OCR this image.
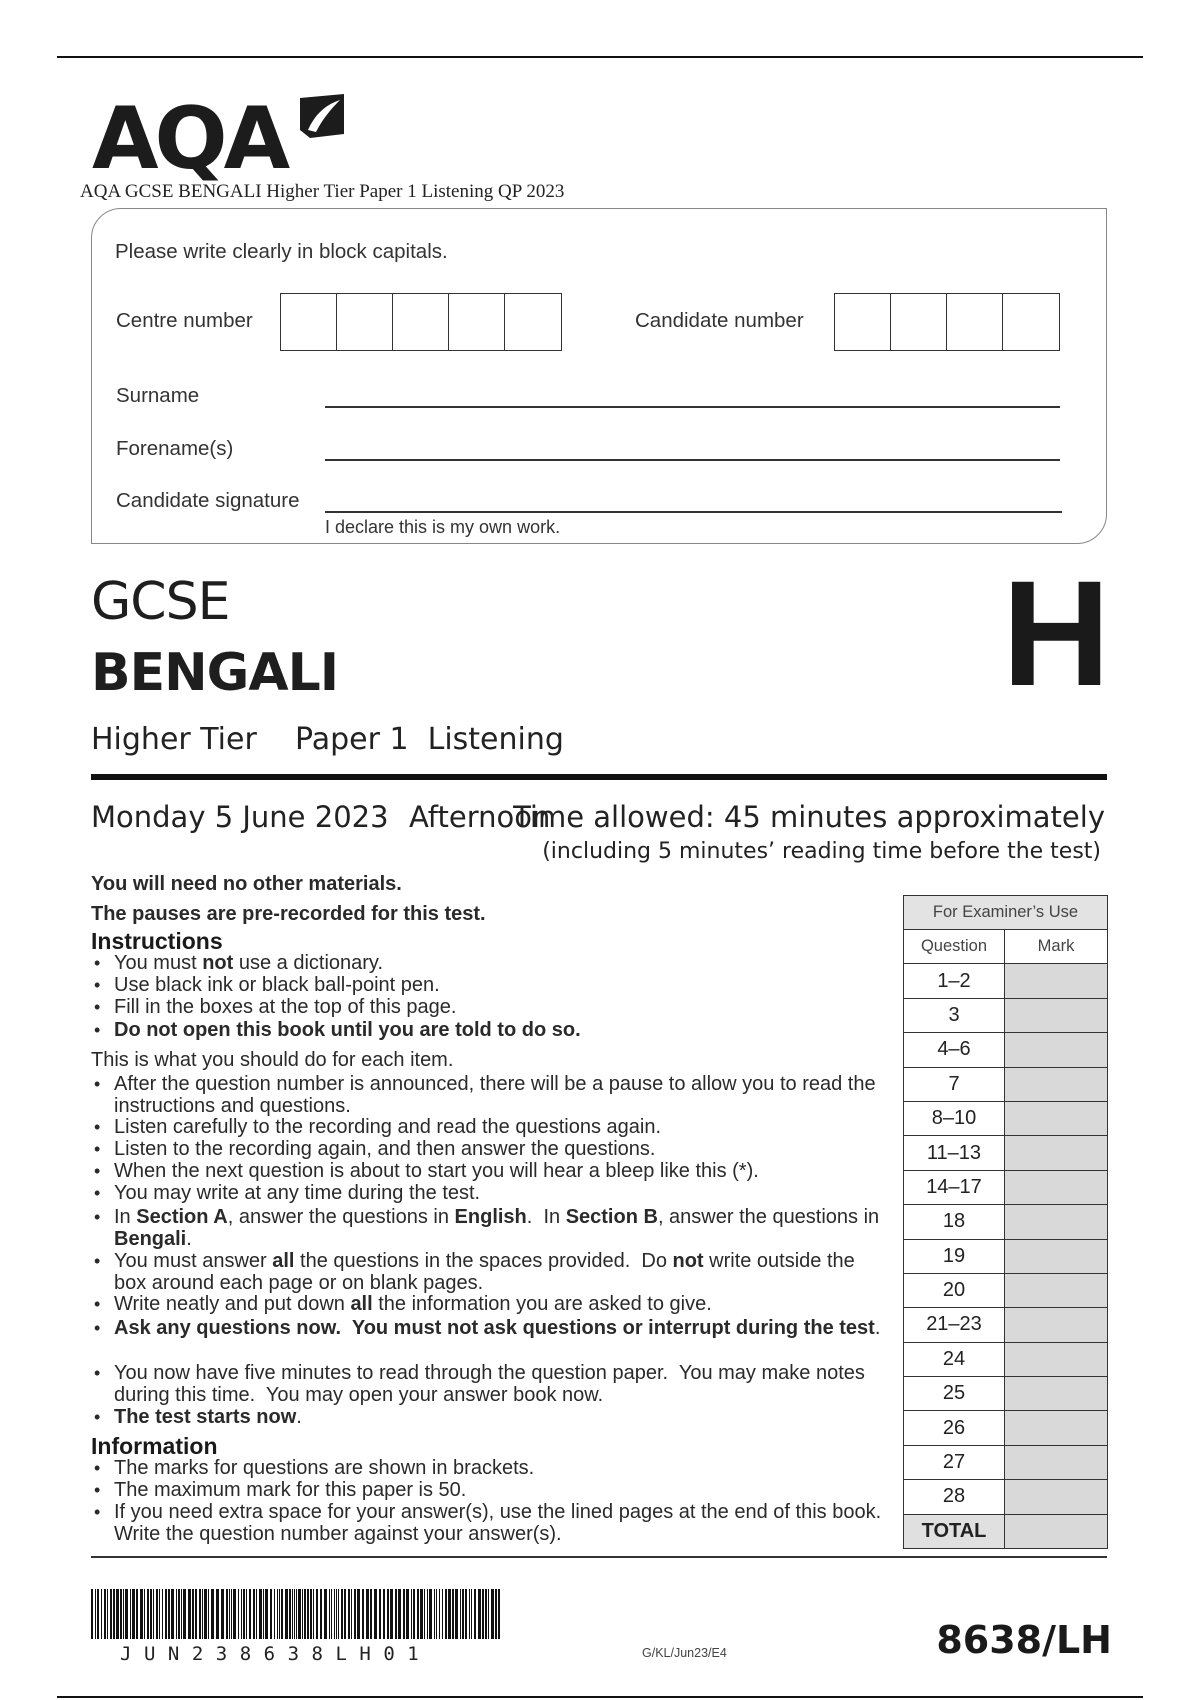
AQA
AQA GCSE BENGALI Higher Tier Paper 1 Listening QP 2023
Please write clearly in block capitals.
Centre number	Candidate number
Surname
Forename(s)
Candidate signature
I declare this is my own work.
GCSE
BENGALI	H
Higher Tier    Paper 1  Listening
Monday 5 June 2023 Afternoon
Time allowed: 45 minutes approximately
(including 5 minutes’ reading time before the test)
You will need no other materials.
The pauses are pre-recorded for this test.
Instructions
• You must not use a dictionary.
• Use black ink or black ball-point pen.
• Fill in the boxes at the top of this page.
• Do not open this book until you are told to do so.
This is what you should do for each item.
• After the question number is announced, there will be a pause to allow you to read the instructions and questions.
• Listen carefully to the recording and read the questions again.
• Listen to the recording again, and then answer the questions.
• When the next question is about to start you will hear a bleep like this (*).
• You may write at any time during the test.
• In Section A, answer the questions in English.  In Section B, answer the questions in Bengali.
• You must answer all the questions in the spaces provided.  Do not write outside the box around each page or on blank pages.
• Write neatly and put down all the information you are asked to give.
• Ask any questions now.  You must not ask questions or interrupt during the test.
• You now have five minutes to read through the question paper.  You may make notes during this time.  You may open your answer book now.
• The test starts now.
Information
• The marks for questions are shown in brackets.
• The maximum mark for this paper is 50.
• If you need extra space for your answer(s), use the lined pages at the end of this book.  Write the question number against your answer(s).
For Examiner’s Use	
Question	Mark
1–2	
3	
4–6	
7	
8–10	
11–13	
14–17	
18	
19	
20	
21–23	
24	
25	
26	
27	
28	
TOTAL	
JUN238638LH01	G/KL/Jun23/E4	8638/LH
